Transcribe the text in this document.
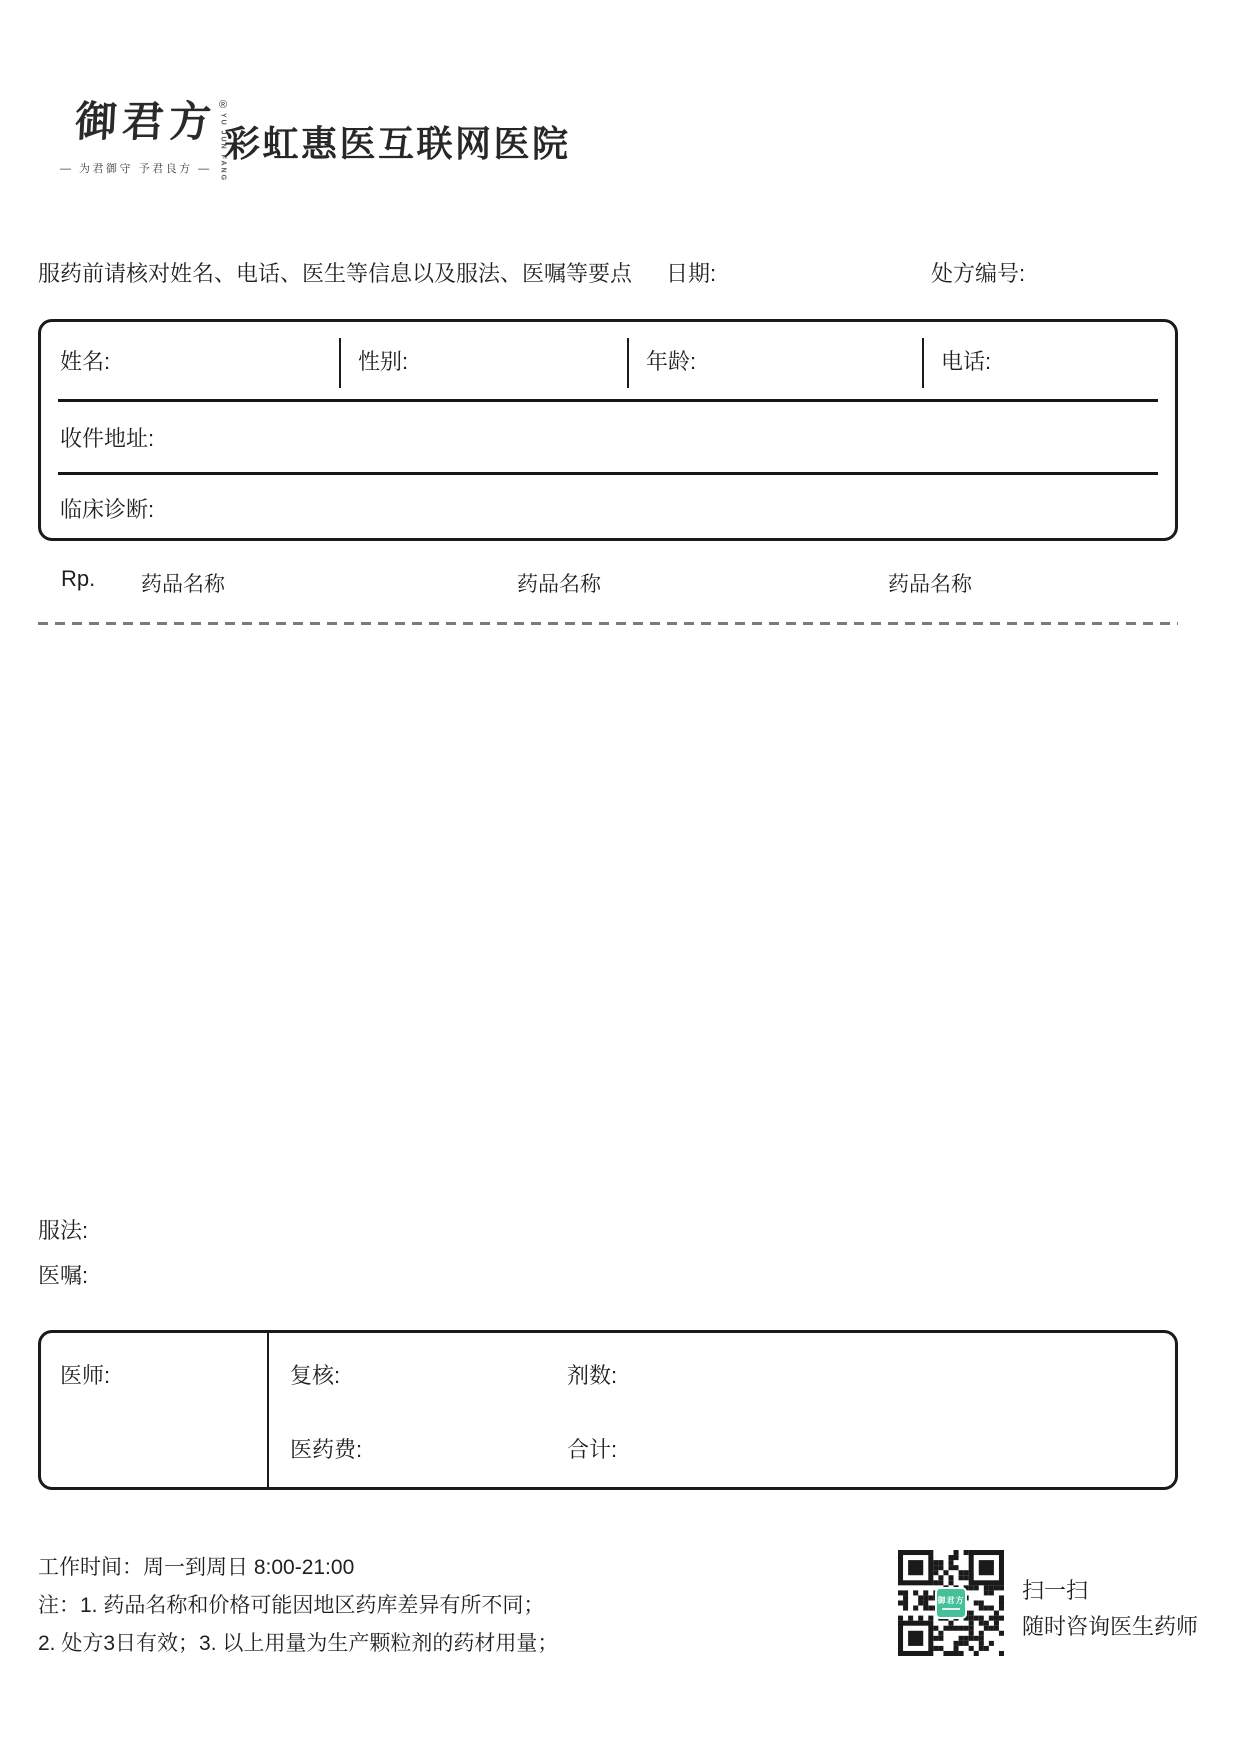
御君方 ®
YU JUN FANG
— 为君御守 予君良方 —
彩虹惠医互联网医院
服药前请核对姓名、电话、医生等信息以及服法、医嘱等要点 日期:	处方编号:
姓名:	性别:	年龄:	电话:
收件地址:
临床诊断:
Rp. 药品名称	药品名称	药品名称
服法:
医嘱:
医师:	复核:	剂数:
医药费:	合计:
工作时间：周一到周日 8:00-21:00
注：1. 药品名称和价格可能因地区药库差异有所不同；
2. 处方3日有效；3. 以上用量为生产颗粒剂的药材用量；
御君方	扫一扫
随时咨询医生药师
